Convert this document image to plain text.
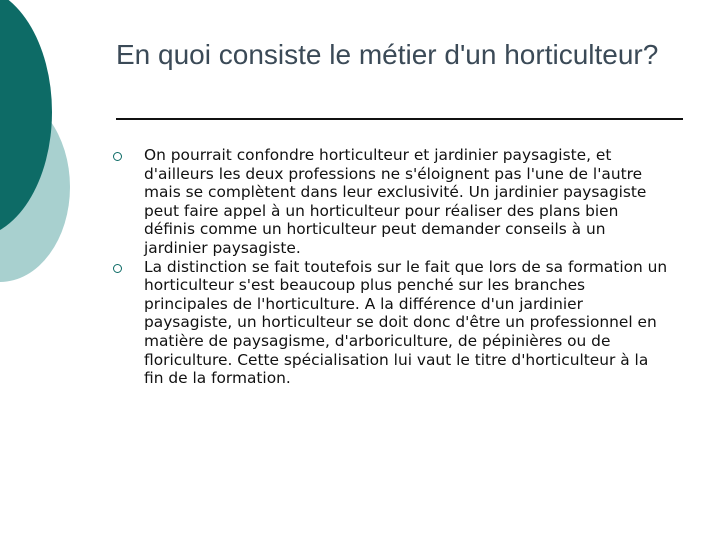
En quoi consiste le métier d'un horticulteur?
On pourrait confondre horticulteur et jardinier paysagiste, et d'ailleurs les deux professions ne s'éloignent pas l'une de l'autre mais se complètent dans leur exclusivité. Un jardinier paysagiste peut faire appel à un horticulteur pour réaliser des plans bien définis comme un horticulteur peut demander conseils à un jardinier paysagiste.
La distinction se fait toutefois sur le fait que lors de sa formation un horticulteur s'est beaucoup plus penché sur les branches principales de l'horticulture. A la différence d'un jardinier paysagiste, un horticulteur se doit donc d'être un professionnel en matière de paysagisme, d'arboriculture, de pépinières ou de floriculture. Cette spécialisation lui vaut le titre d'horticulteur à la fin de la formation.
